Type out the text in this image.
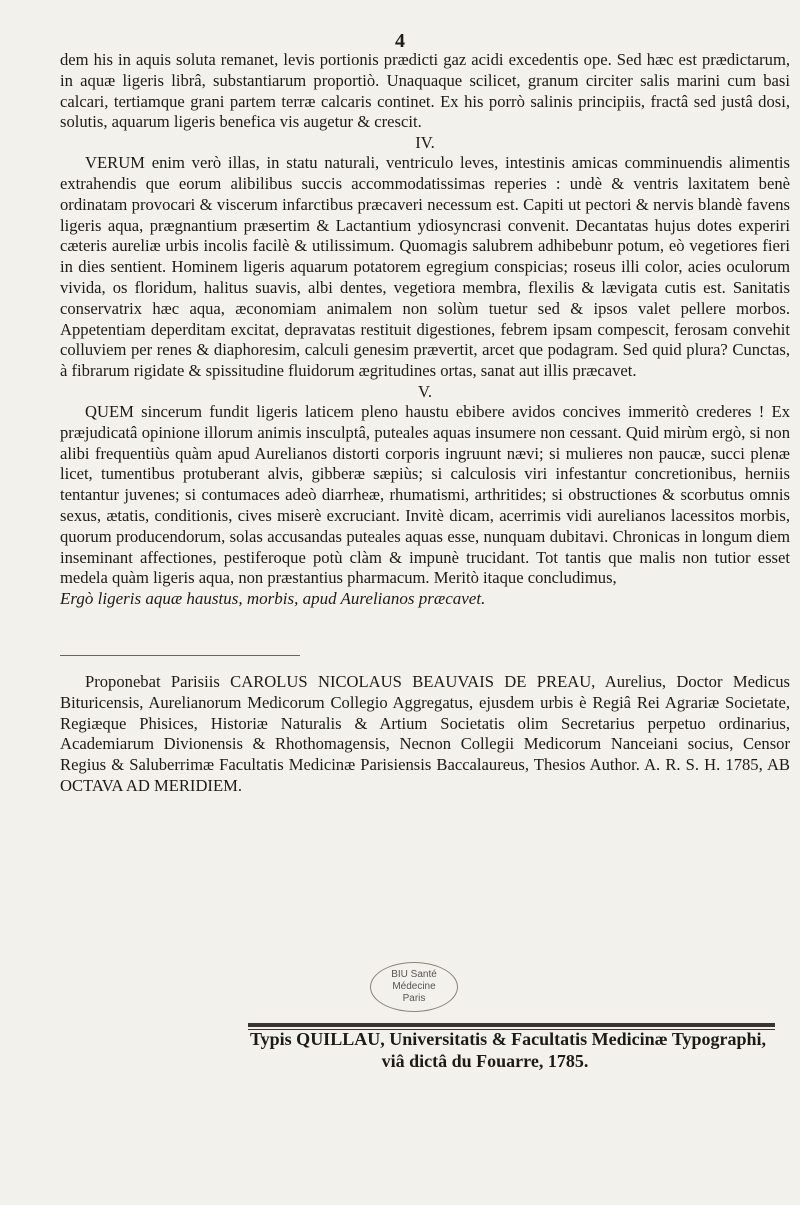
4

dem his in aquis soluta remanet, levis portionis prædicti gaz acidi excedentis ope. Sed hæc est prædictarum, in aquæ ligeris librâ, substantiarum proportiò. Unaquaque scilicet, granum circiter salis marini cum basi calcari, tertiamque grani partem terræ calcaris continet. Ex his porrò salinis principiis, fractâ sed justâ dosi, solutis, aquarum ligeris benefica vis augetur & crescit.

IV.

VERUM enim verò illas, in statu naturali, ventriculo leves, intestinis amicas comminuendis alimentis extrahendis que eorum alibilibus succis accommodatissimas reperies : undè & ventris laxitatem benè ordinatam provocari & viscerum infarctibus præcaveri necessum est. Capiti ut pectori & nervis blandè favens ligeris aqua, prægnantium præsertim & Lactantium ydiosyncrasi convenit. Decantatas hujus dotes experiri cæteris aureliæ urbis incolis facilè & utilissimum. Quomagis salubrem adhibebunr potum, eò vegetiores fieri in dies sentient. Hominem ligeris aquarum potatorem egregium conspicias; roseus illi color, acies oculorum vivida, os floridum, halitus suavis, albi dentes, vegetiora membra, flexilis & lævigata cutis est. Sanitatis conservatrix hæc aqua, æconomiam animalem non solùm tuetur sed & ipsos valet pellere morbos. Appetentiam deperditam excitat, depravatas restituit digestiones, febrem ipsam compescit, ferosam convehit colluviem per renes & diaphoresim, calculi genesim prævertit, arcet que podagram. Sed quid plura? Cunctas, à fibrarum rigidate & spissitudine fluidorum ægritudines ortas, sanat aut illis præcavet.

V.

QUEM sincerum fundit ligeris laticem pleno haustu ebibere avidos concives immeritò crederes ! Ex præjudicatâ opinione illorum animis insculptâ, puteales aquas insumere non cessant. Quid mirùm ergò, si non alibi frequentiùs quàm apud Aurelianos distorti corporis ingruunt nævi; si mulieres non paucæ, succi plenæ licet, tumentibus protuberant alvis, gibberæ sæpiùs; si calculosis viri infestantur concretionibus, herniis tentantur juvenes; si contumaces adeò diarrheæ, rhumatismi, arthritides; si obstructiones & scorbutus omnis sexus, ætatis, conditionis, cives miserè excruciant. Invitè dicam, acerrimis vidi aurelianos lacessitos morbis, quorum producendorum, solas accusandas puteales aquas esse, nunquam dubitavi. Chronicas in longum diem inseminant affectiones, pestiferoque potù clàm & impunè trucidant. Tot tantis que malis non tutior esset medela quàm ligeris aqua, non præstantius pharmacum. Meritò itaque concludimus,

Ergò ligeris aquæ haustus, morbis, apud Aurelianos præcavet.

Proponebat Parisiis CAROLUS NICOLAUS BEAUVAIS DE PREAU, Aurelius, Doctor Medicus Bituricensis, Aurelianorum Medicorum Collegio Aggregatus, ejusdem urbis è Regiâ Rei Agrariæ Societate, Regiæque Phisices, Historiæ Naturalis & Artium Societatis olim Secretarius perpetuo ordinarius, Academiarum Divionensis & Rhothomagensis, Necnon Collegii Medicorum Nanceiani socius, Censor Regius & Saluberrimæ Facultatis Medicinæ Parisiensis Baccalaureus, Thesios Author. A. R. S. H. 1785, AB OCTAVA AD MERIDIEM.

BIU Santé
Médecine
Paris
Typis QUILLAU, Universitatis & Facultatis Medicinæ Typographi,
viâ dictâ du Fouarre, 1785.
